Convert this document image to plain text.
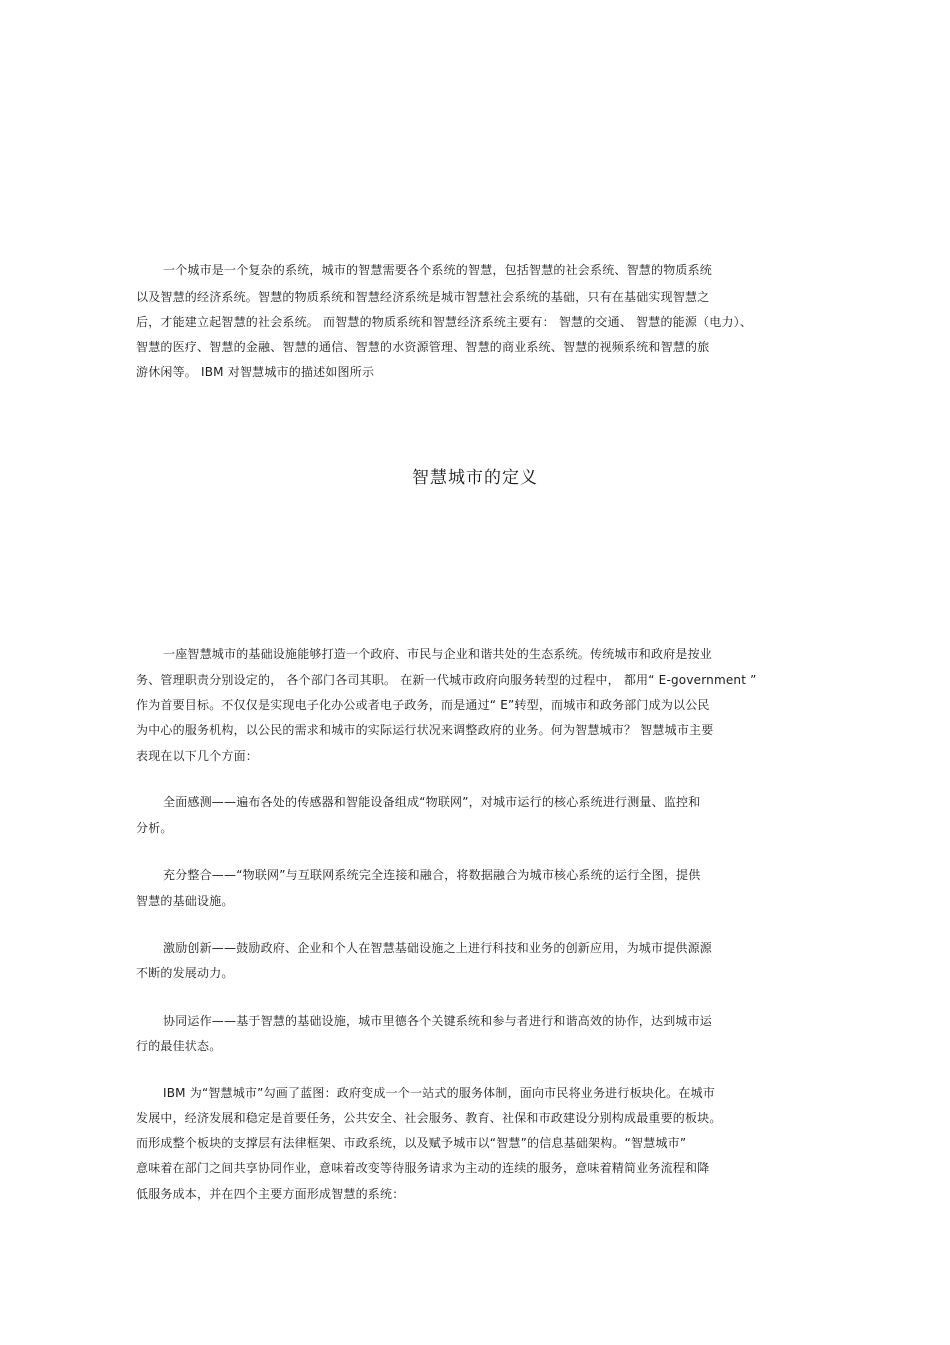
一个城市是一个复杂的系统，城市的智慧需要各个系统的智慧，包括智慧的社会系统、智慧的物质系统
以及智慧的经济系统。智慧的物质系统和智慧经济系统是城市智慧社会系统的基础，只有在基础实现智慧之
后，才能建立起智慧的社会系统。 而智慧的物质系统和智慧经济系统主要有： 智慧的交通、 智慧的能源（电力）、
智慧的医疗、智慧的金融、智慧的通信、智慧的水资源管理、智慧的商业系统、智慧的视频系统和智慧的旅
游休闲等。 IBM 对智慧城市的描述如图所示
智慧城市的定义
一座智慧城市的基础设施能够打造一个政府、市民与企业和谐共处的生态系统。传统城市和政府是按业
务、管理职责分别设定的， 各个部门各司其职。 在新一代城市政府向服务转型的过程中， 都用“ E-government ”
作为首要目标。不仅仅是实现电子化办公或者电子政务，而是通过“ E”转型，而城市和政务部门成为以公民
为中心的服务机构，以公民的需求和城市的实际运行状况来调整政府的业务。何为智慧城市？ 智慧城市主要
表现在以下几个方面：
全面感测——遍布各处的传感器和智能设备组成“物联网”，对城市运行的核心系统进行测量、监控和
分析。
充分整合——“物联网”与互联网系统完全连接和融合，将数据融合为城市核心系统的运行全图，提供
智慧的基础设施。
激励创新——鼓励政府、企业和个人在智慧基础设施之上进行科技和业务的创新应用，为城市提供源源
不断的发展动力。
协同运作——基于智慧的基础设施，城市里德各个关键系统和参与者进行和谐高效的协作，达到城市运
行的最佳状态。
IBM 为“智慧城市”勾画了蓝图：政府变成一个一站式的服务体制，面向市民将业务进行板块化。在城市
发展中，经济发展和稳定是首要任务，公共安全、社会服务、教育、社保和市政建设分别构成最重要的板块。
而形成整个板块的支撑层有法律框架、市政系统，以及赋予城市以“智慧”的信息基础架构。“智慧城市”
意味着在部门之间共享协同作业，意味着改变等待服务请求为主动的连续的服务，意味着精简业务流程和降
低服务成本，并在四个主要方面形成智慧的系统：
